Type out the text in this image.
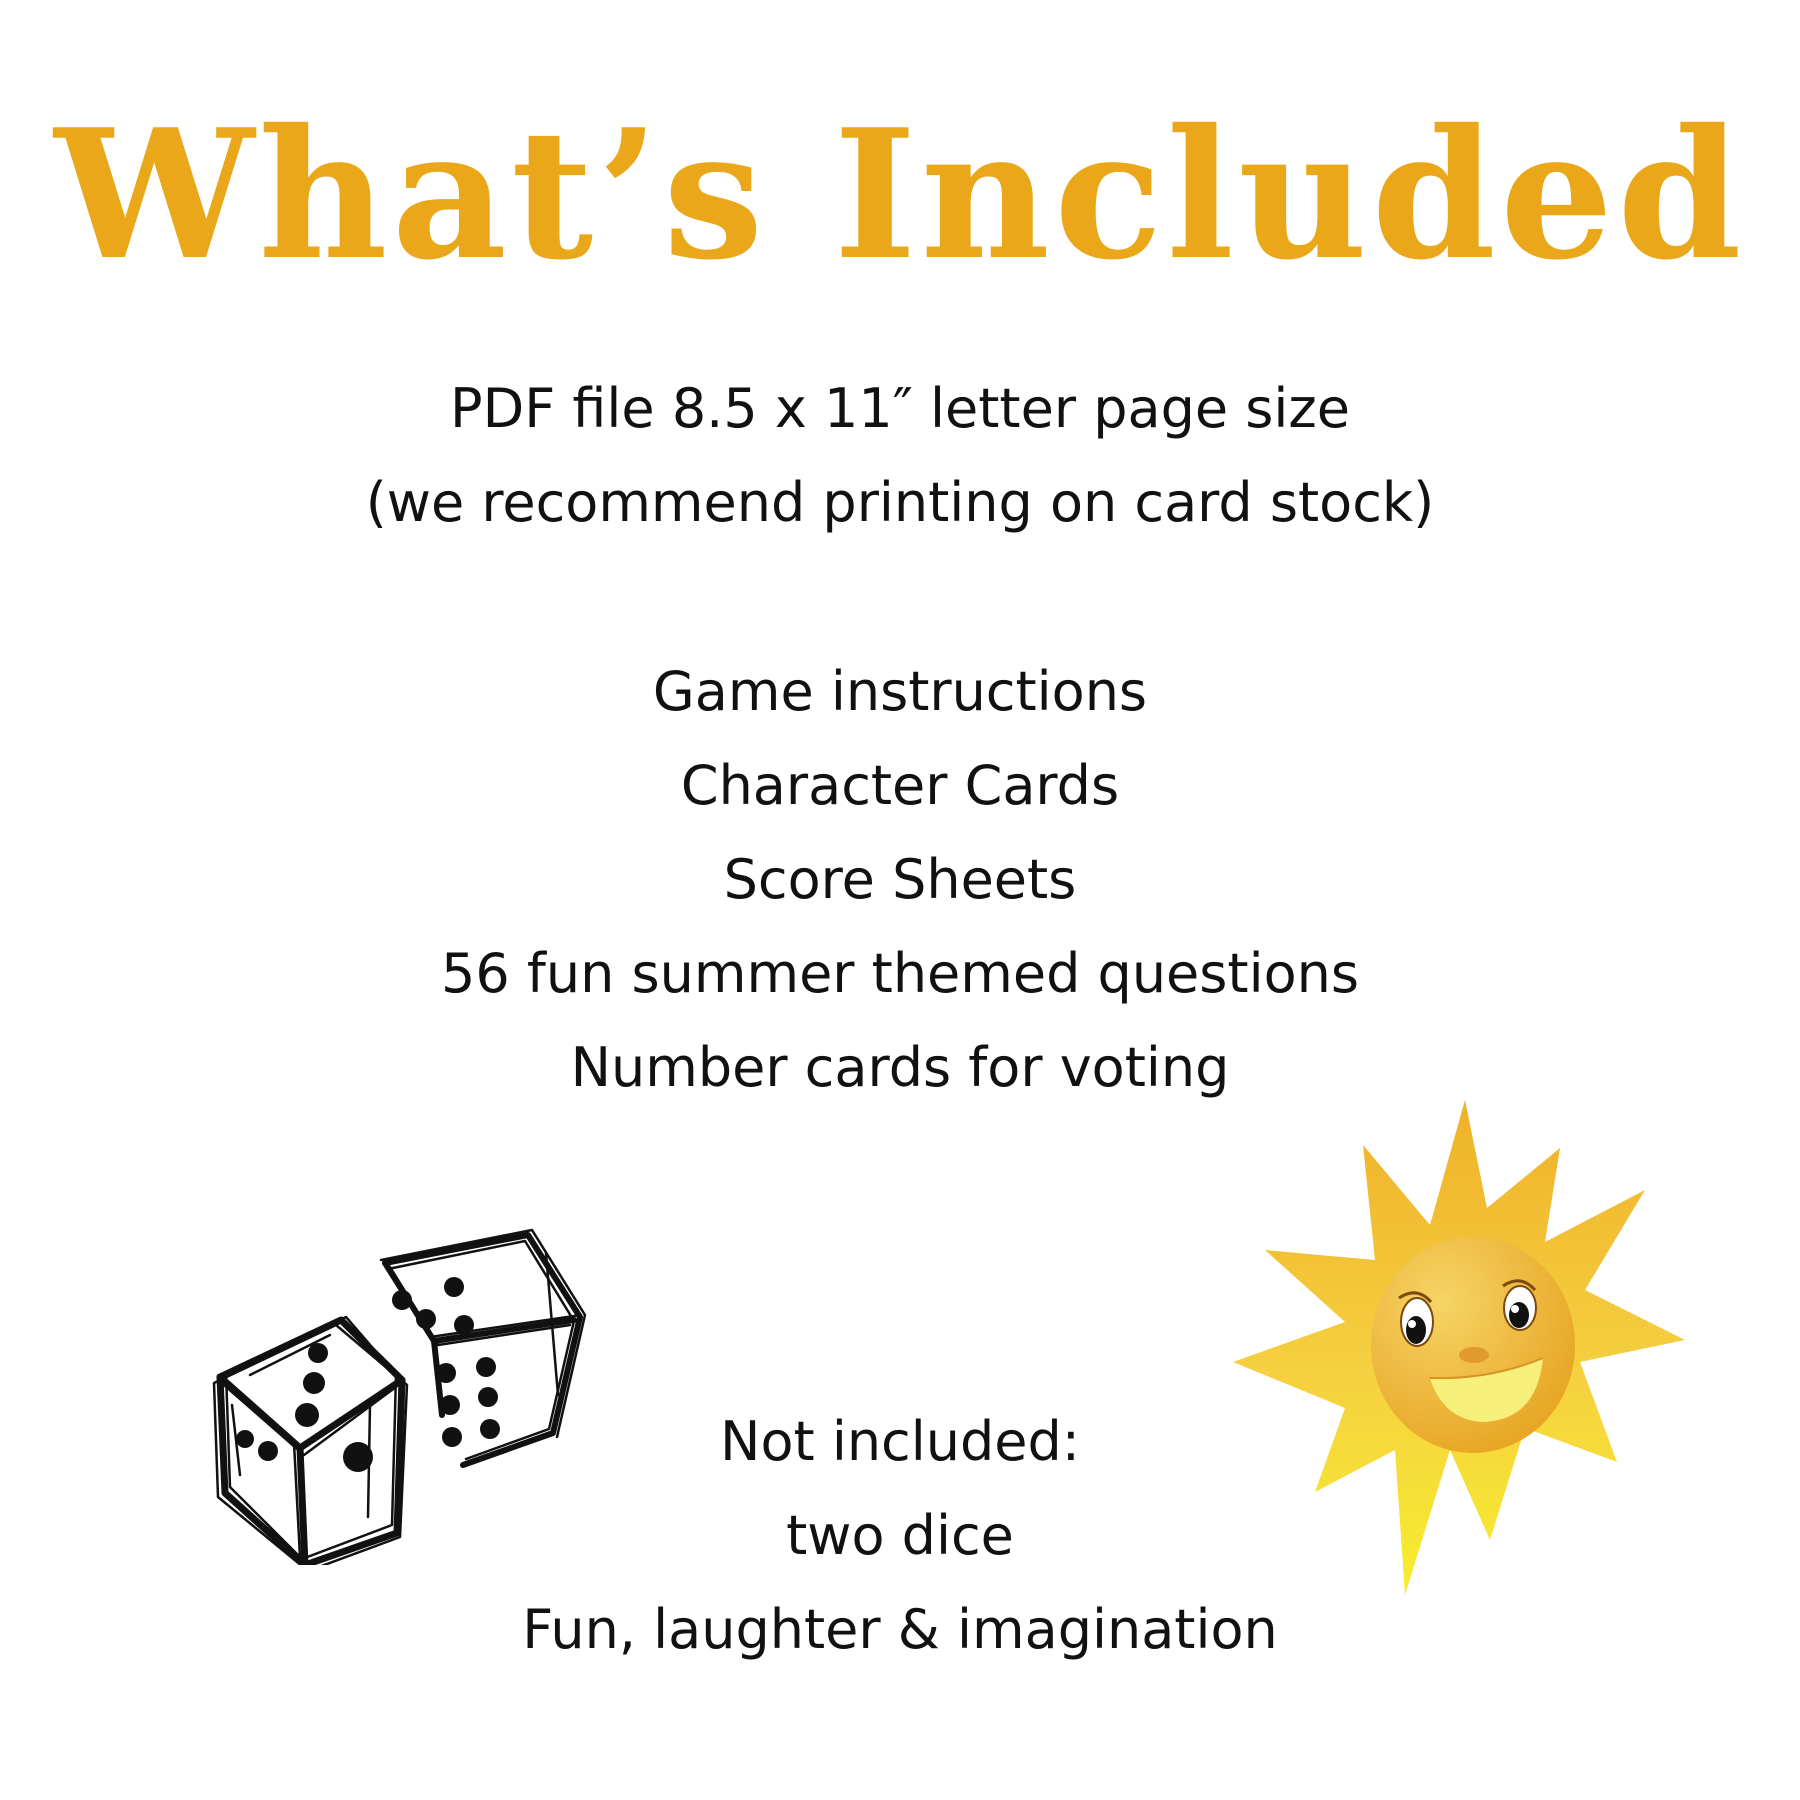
What’s Included
PDF file 8.5 x 11″ letter page size
(we recommend printing on card stock)
Game instructions
Character Cards
Score Sheets
56 fun summer themed questions
Number cards for voting
Not included:
two dice
Fun, laughter & imagination
